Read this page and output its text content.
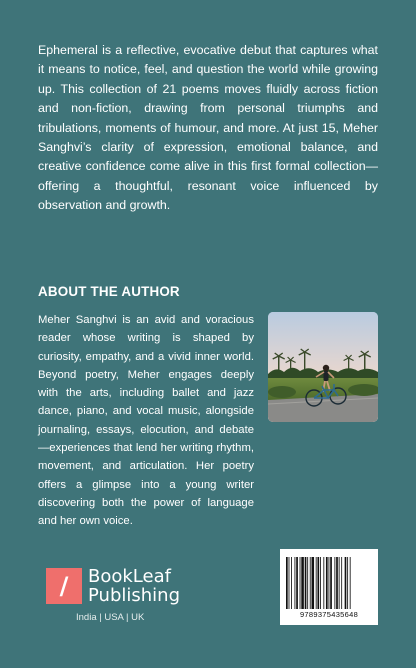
Ephemeral is a reflective, evocative debut that captures what it means to notice, feel, and question the world while growing up. This collection of 21 poems moves fluidly across fiction and non-fiction, drawing from personal triumphs and tribulations, moments of humour, and more. At just 15, Meher Sanghvi’s clarity of expression, emotional balance, and creative confidence come alive in this first formal collection—offering a thoughtful, resonant voice influenced by observation and growth.

ABOUT THE AUTHOR

Meher Sanghvi is an avid and voracious reader whose writing is shaped by curiosity, empathy, and a vivid inner world. Beyond poetry, Meher engages deeply with the arts, including ballet and jazz dance, piano, and vocal music, alongside journaling, essays, elocution, and debate—experiences that lend her writing rhythm, movement, and articulation. Her poetry offers a glimpse into a young writer discovering both the power of language and her own voice.

/ BookLeaf
Publishing
India | USA | UK	9789375435648
